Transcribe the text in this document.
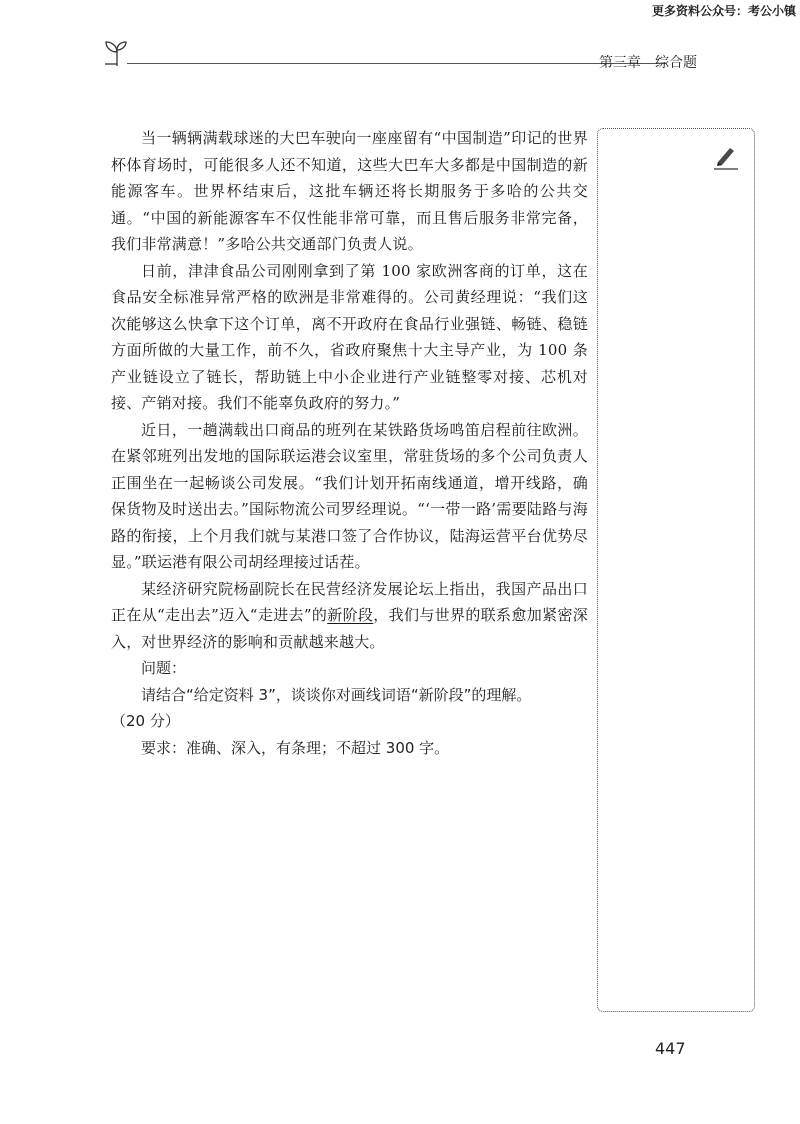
更多资料公众号：考公小镇
第三章 综合题

当一辆辆满载球迷的大巴车驶向一座座留有“中国制造”印记的世界杯体育场时，可能很多人还不知道，这些大巴车大多都是中国制造的新能源客车。世界杯结束后，这批车辆还将长期服务于多哈的公共交通。“中国的新能源客车不仅性能非常可靠，而且售后服务非常完备，我们非常满意！”多哈公共交通部门负责人说。

日前，津津食品公司刚刚拿到了第 100 家欧洲客商的订单，这在食品安全标准异常严格的欧洲是非常难得的。公司黄经理说：“我们这次能够这么快拿下这个订单，离不开政府在食品行业强链、畅链、稳链方面所做的大量工作，前不久，省政府聚焦十大主导产业，为 100 条产业链设立了链长，帮助链上中小企业进行产业链整零对接、芯机对接、产销对接。我们不能辜负政府的努力。”

近日，一趟满载出口商品的班列在某铁路货场鸣笛启程前往欧洲。在紧邻班列出发地的国际联运港会议室里，常驻货场的多个公司负责人正围坐在一起畅谈公司发展。“我们计划开拓南线通道，增开线路，确保货物及时送出去。”国际物流公司罗经理说。“‘一带一路’需要陆路与海路的衔接，上个月我们就与某港口签了合作协议，陆海运营平台优势尽显。”联运港有限公司胡经理接过话茬。

某经济研究院杨副院长在民营经济发展论坛上指出，我国产品出口正在从“走出去”迈入“走进去”的新阶段，我们与世界的联系愈加紧密深入，对世界经济的影响和贡献越来越大。

问题：

请结合“给定资料 3”，谈谈你对画线词语“新阶段”的理解。（20 分）

要求：准确、深入，有条理；不超过 300 字。

447
